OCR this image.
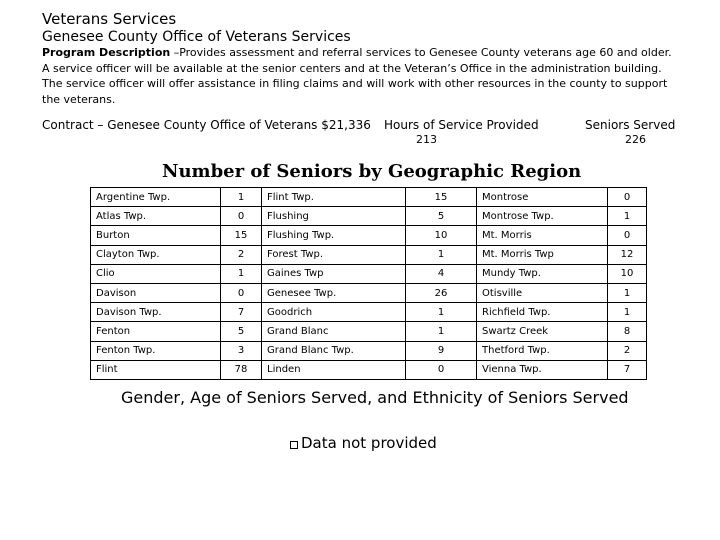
Veterans Services
Genesee County Office of Veterans Services
Program Description –Provides assessment and referral services to Genesee County veterans age 60 and older. A service officer will be available at the senior centers and at the Veteran’s Office in the administration building. The service officer will offer assistance in filing claims and will work with other resources in the county to support the veterans.
Contract – Genesee County Office of Veterans $21,336 Hours of Service Provided
213
Seniors Served
226
Number of Seniors by Geographic Region
Argentine Twp.	1	Flint Twp.	15	Montrose	0
Atlas Twp.	0	Flushing	5	Montrose Twp.	1
Burton	15	Flushing Twp.	10	Mt. Morris	0
Clayton Twp.	2	Forest Twp.	1	Mt. Morris Twp	12
Clio	1	Gaines Twp	4	Mundy Twp.	10
Davison	0	Genesee Twp.	26	Otisville	1
Davison Twp.	7	Goodrich	1	Richfield Twp.	1
Fenton	5	Grand Blanc	1	Swartz Creek	8
Fenton Twp.	3	Grand Blanc Twp.	9	Thetford Twp.	2
Flint	78	Linden	0	Vienna Twp.	7
Gender, Age of Seniors Served, and Ethnicity of Seniors Served
Data not provided
